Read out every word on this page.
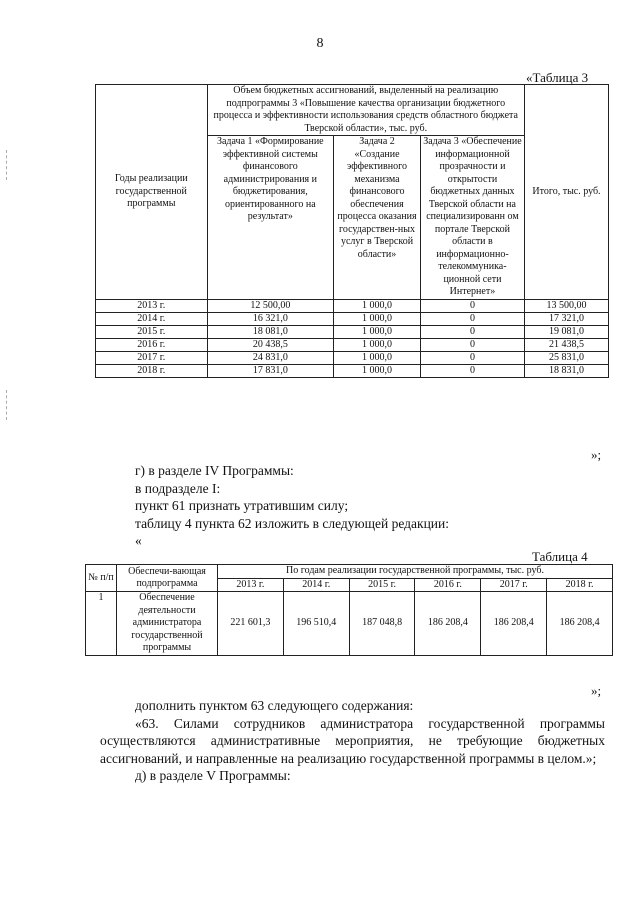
8
«Таблица 3
Годы реализации государственной программы	Объем бюджетных ассигнований, выделенный на реализацию подпрограммы 3 «Повышение качества организации бюджетного процесса и эффективности использования средств областного бюджета Тверской области», тыс. руб.			Итого, тыс. руб.
	Задача 1 «Формирование эффективной системы финансового администрирования и бюджетирования, ориентированного на результат»	Задача 2 «Создание эффективного механизма финансового обеспечения процесса оказания государствен-ных услуг в Тверской области»	Задача 3 «Обеспечение информационной прозрачности и открытости бюджетных данных Тверской области на специализированн ом портале Тверской области в информационно-телекоммуника-ционной сети Интернет»	
2013 г.	12 500,00	1 000,0	0	13 500,00
2014 г.	16 321,0	1 000,0	0	17 321,0
2015 г.	18 081,0	1 000,0	0	19 081,0
2016 г.	20 438,5	1 000,0	0	21 438,5
2017 г.	24 831,0	1 000,0	0	25 831,0
2018 г.	17 831,0	1 000,0	0	18 831,0
»;
г) в разделе IV Программы:
в подразделе I:
пункт 61 признать утратившим силу;
таблицу 4 пункта 62 изложить в следующей редакции:
«
Таблица 4
№ п/п	Обеспечи-вающая подпрограмма	По годам реализации государственной программы, тыс. руб.					
		2013 г.	2014 г.	2015 г.	2016 г.	2017 г.	2018 г.
1	Обеспечение деятельности администратора государственной программы	221 601,3	196 510,4	187 048,8	186 208,4	186 208,4	186 208,4
»;
дополнить пунктом 63 следующего содержания:
«63. Силами сотрудников администратора государственной программы осуществляются административные мероприятия, не требующие бюджетных ассигнований, и направленные на реализацию государственной программы в целом.»;
д) в разделе V Программы:
